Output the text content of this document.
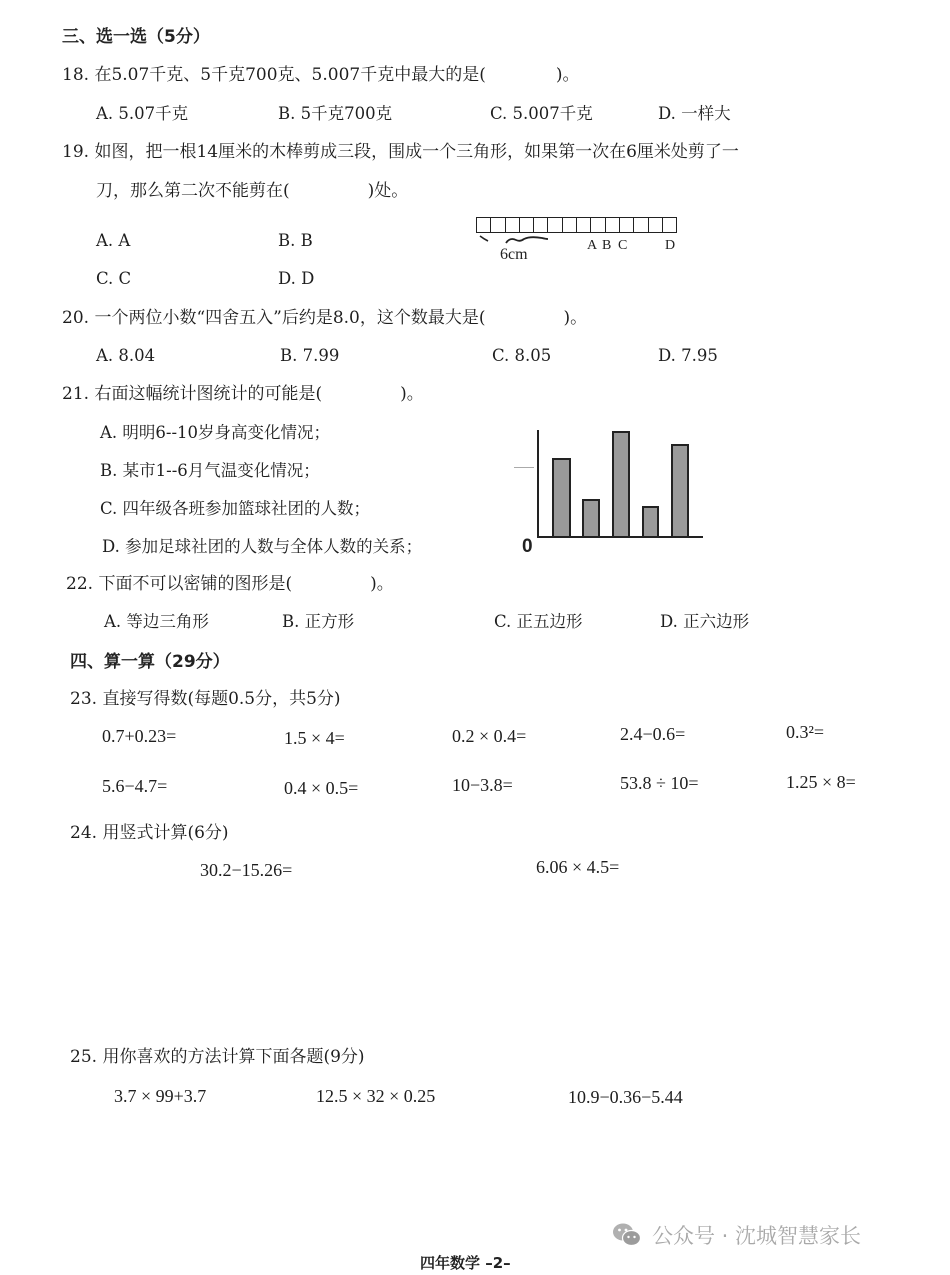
三、选一选（5分）
18. 在5.07千克、5千克700克、5.007千克中最大的是(	)。
A. 5.07千克	B. 5千克700克	C. 5.007千克	D. 一样大
19. 如图，把一根14厘米的木棒剪成三段，围成一个三角形，如果第一次在6厘米处剪了一
刀，那么第二次不能剪在(	)处。
A. A	B. B
C. C	D. D
6cm
A B C	D
20. 一个两位小数“四舍五入”后约是8.0，这个数最大是(	)。
A. 8.04	B. 7.99	C. 8.05	D. 7.95
21. 右面这幅统计图统计的可能是(	)。
A. 明明6--10岁身高变化情况；
B. 某市1--6月气温变化情况；
C. 四年级各班参加篮球社团的人数；
D. 参加足球社团的人数与全体人数的关系；	0
22. 下面不可以密铺的图形是(	)。
A. 等边三角形	B. 正方形	C. 正五边形	D. 正六边形
四、算一算（29分）
23. 直接写得数(每题0.5分，共5分)
0.7+0.23=	1.5 × 4=	0.2 × 0.4=	2.4−0.6=	0.3²=
5.6−4.7=	0.4 × 0.5=	10−3.8=	53.8 ÷ 10=	1.25 × 8=
24. 用竖式计算(6分)
30.2−15.26=	6.06 × 4.5=
25. 用你喜欢的方法计算下面各题(9分)
3.7 × 99+3.7	12.5 × 32 × 0.25	10.9−0.36−5.44
公众号 · 沈城智慧家长
四年数学 –2–
